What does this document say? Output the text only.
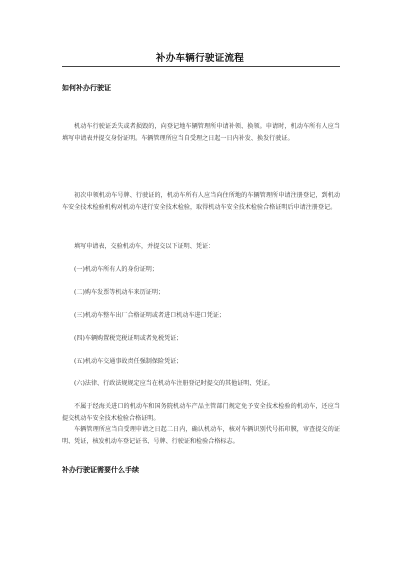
补办车辆行驶证流程
如何补办行驶证

机动车行驶证丢失或者损毁的，向登记地车辆管理所申请补领、换领。申请时，机动车所有人应当填写申请表并提交身份证明。车辆管理所应当自受理之日起一日内补发、换发行驶证。

初次申领机动车号牌、行驶证的，机动车所有人应当向住所地的车辆管理所申请注册登记，到机动车安全技术检验机构对机动车进行安全技术检验，取得机动车安全技术检验合格证明后申请注册登记。

填写申请表，交验机动车，并提交以下证明、凭证：

(一)机动车所有人的身份证明；

(二)购车发票等机动车来历证明；

(三)机动车整车出厂合格证明或者进口机动车进口凭证；

(四)车辆购置税完税证明或者免税凭证；

(五)机动车交通事故责任强制保险凭证；

(六)法律、行政法规规定应当在机动车注册登记时提交的其他证明、凭证。

不属于经海关进口的机动车和国务院机动车产品主管部门规定免予安全技术检验的机动车，还应当提交机动车安全技术检验合格证明。

车辆管理所应当自受理申请之日起二日内，确认机动车，核对车辆识别代号拓印膜，审查提交的证明、凭证，核发机动车登记证书、号牌、行驶证和检验合格标志。

补办行驶证需要什么手续
